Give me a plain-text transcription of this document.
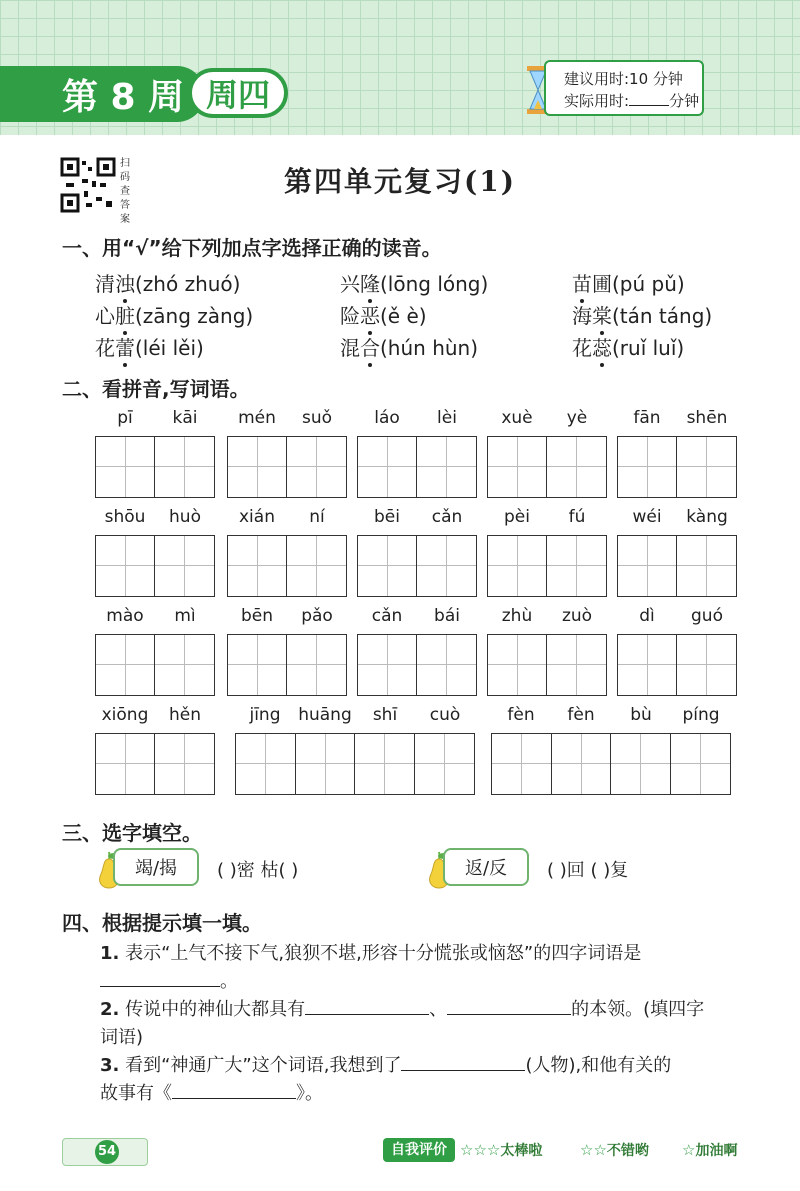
第 8 周 周四	建议用时:10 分钟
实际用时:	分钟
扫码查答案
第四单元复习(1)
一、用“√”给下列加点字选择正确的读音。
清浊(zhó zhuó)	兴隆(lōng lóng)	苗圃(pú pǔ)
心脏(zāng zàng)	险恶(ě è)	海棠(tán táng)
花蕾(léi lěi)	混合(hún hùn)	花蕊(ruǐ luǐ)
二、看拼音,写词语。
pī	kāi	mén	suǒ	láo	lèi	xuè	yè	fān	shēn
shōu	huò	xián	ní	bēi	cǎn	pèi	fú	wéi	kàng
mào	mì	bēn	pǎo	cǎn	bái	zhù	zuò	dì	guó
xiōng	hěn	jīng	huāng	shī	cuò	fèn	fèn	bù	píng
三、选字填空。
竭/揭	( )密 枯( )	返/反	( )回 ( )复
四、根据提示填一填。
1. 表示“上气不接下气,狼狈不堪,形容十分慌张或恼怒”的四字词语是
。
2. 传说中的神仙大都具有	、	的本领。(填四字
词语)
3. 看到“神通广大”这个词语,我想到了	(人物),和他有关的
故事有《	》。
54	自我评价 ☆☆☆太棒啦	☆☆不错哟 ☆加油啊
